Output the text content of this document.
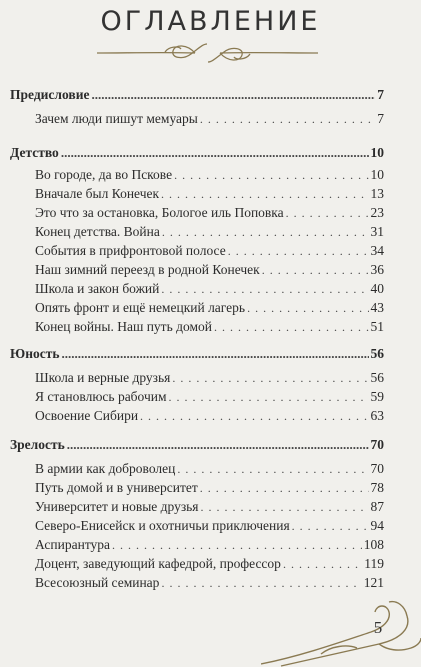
ОГЛАВЛЕНИЕ
Предисловие .....	7
Зачем люди пишут мемуары . . .	7
Детство .....	10
Во городе, да во Пскове . . .	10
Вначале был Конечек . . .	13
Это что за остановка, Бологое иль Поповка . . .	23
Конец детства. Война . . .	31
События в прифронтовой полосе . . .	34
Наш зимний переезд в родной Конечек . . .	36
Школа и закон божий . . .	40
Опять фронт и ещё немецкий лагерь . . .	43
Конец войны. Наш путь домой . . .	51
Юность .....	56
Школа и верные друзья . . .	56
Я становлюсь рабочим . . .	59
Освоение Сибири . . .	63
Зрелость .....	70
В армии как доброволец . . .	70
Путь домой и в университет . . .	78
Университет и новые друзья . . .	87
Северо-Енисейск и охотничьи приключения . . .	94
Аспирантура . . .	108
Доцент, заведующий кафедрой, профессор . . .	119
Всесоюзный семинар . . .	121
5
